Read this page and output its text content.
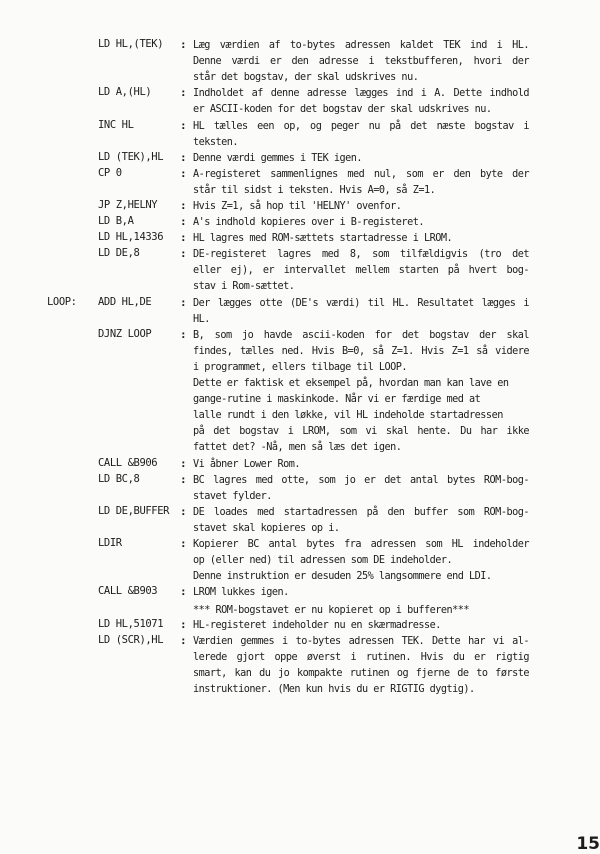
LD HL,(TEK) : Læg værdien af to-bytes adressen kaldet TEK ind i HL.
Denne værdi er den adresse i tekstbufferen, hvori der
står det bogstav, der skal udskrives nu.
LD A,(HL)	: Indholdet af denne adresse lægges ind i A. Dette indhold
er ASCII-koden for det bogstav der skal udskrives nu.
INC HL	: HL tælles een op, og peger nu på det næste bogstav i
teksten.
LD (TEK),HL : Denne værdi gemmes i TEK igen.
CP 0	: A-registeret sammenlignes med nul, som er den byte der
står til sidst i teksten. Hvis A=0, så Z=1.
JP Z,HELNY : Hvis Z=1, så hop til 'HELNY' ovenfor.
LD B,A	: A's indhold kopieres over i B-registeret.
LD HL,14336 : HL lagres med ROM-sættets startadresse i LROM.
LD DE,8	: DE-registeret lagres med 8, som tilfældigvis (tro det
eller ej), er intervallet mellem starten på hvert bog-
stav i Rom-sættet.
LOOP: ADD HL,DE	: Der lægges otte (DE's værdi) til HL. Resultatet lægges i
HL.
DJNZ LOOP	: B, som jo havde ascii-koden for det bogstav der skal
findes, tælles ned. Hvis B=0, så Z=1. Hvis Z=1 så videre
i programmet, ellers tilbage til LOOP.
Dette er faktisk et eksempel på, hvordan man kan lave en
gange-rutine i maskinkode. Når vi er færdige med at
lalle rundt i den løkke, vil HL indeholde startadressen
på det bogstav i LROM, som vi skal hente. Du har ikke
fattet det? -Nå, men så læs det igen.
CALL &B906 : Vi åbner Lower Rom.
LD BC,8	: BC lagres med otte, som jo er det antal bytes ROM-bog-
stavet fylder.
LD DE,BUFFER : DE loades med startadressen på den buffer som ROM-bog-
stavet skal kopieres op i.
LDIR	: Kopierer BC antal bytes fra adressen som HL indeholder
op (eller ned) til adressen som DE indeholder.
Denne instruktion er desuden 25% langsommere end LDI.
CALL &B903 : LROM lukkes igen.
*** ROM-bogstavet er nu kopieret op i bufferen***
LD HL,51071 : HL-registeret indeholder nu en skærmadresse.
LD (SCR),HL : Værdien gemmes i to-bytes adressen TEK. Dette har vi al-
lerede gjort oppe øverst i rutinen. Hvis du er rigtig
smart, kan du jo kompakte rutinen og fjerne de to første
instruktioner. (Men kun hvis du er RIGTIG dygtig).
15
